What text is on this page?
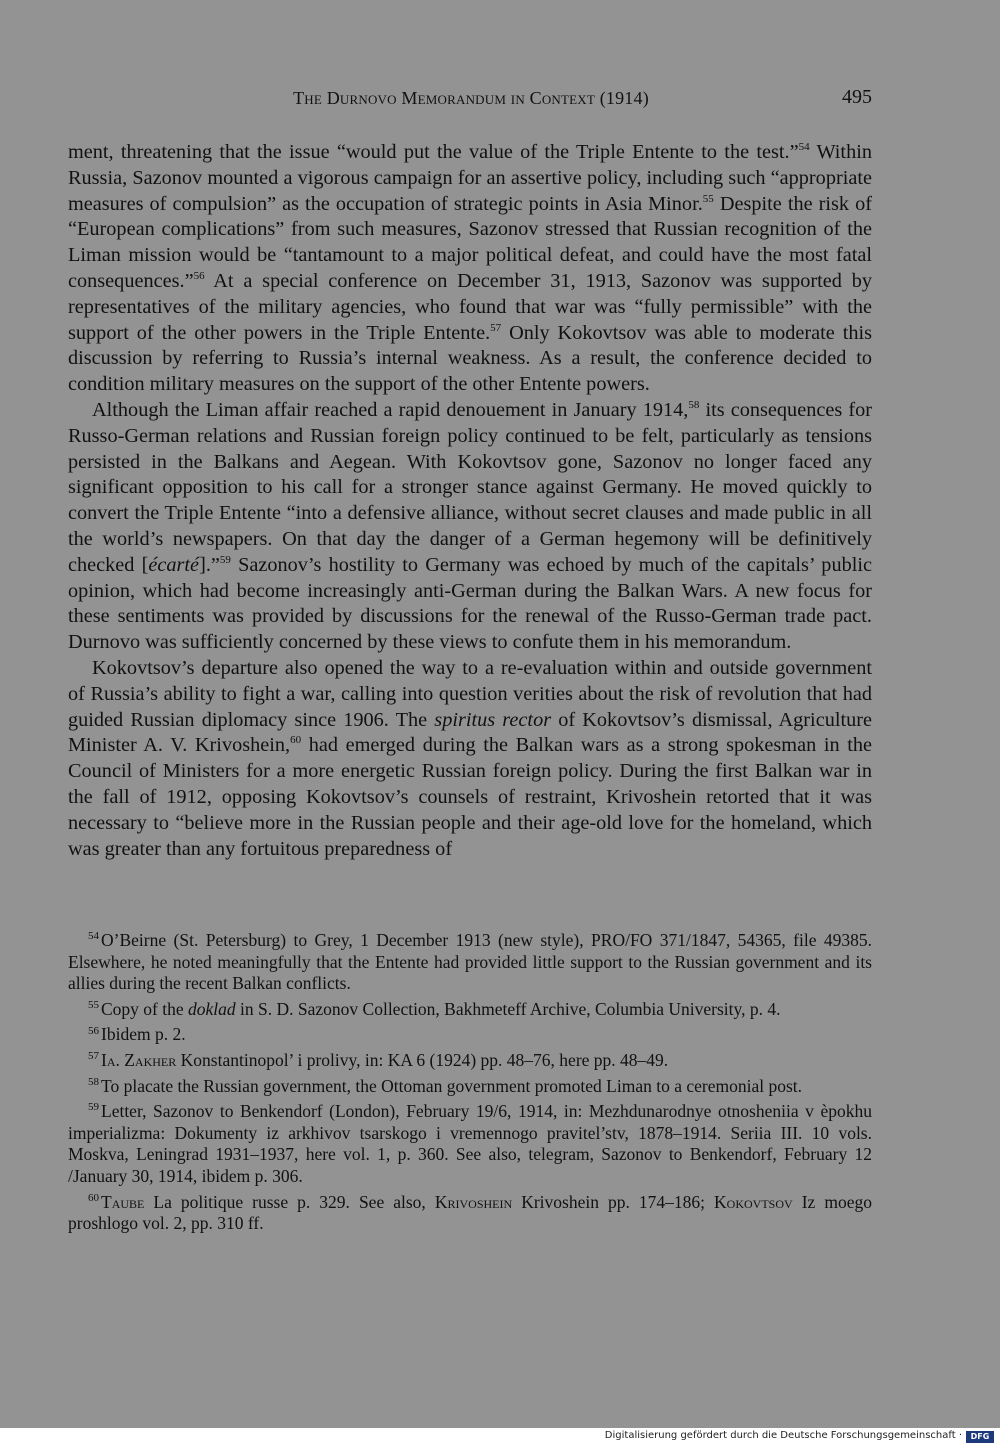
The Durnovo Memorandum in Context (1914)	495

ment, threatening that the issue “would put the value of the Triple Entente to the test.”$^{54}$ Within Russia, Sazonov mounted a vigorous campaign for an assertive policy, including such “appropriate measures of compulsion” as the occupation of strategic points in Asia Minor.$^{55}$ Despite the risk of “European complications” from such measures, Sazonov stressed that Russian recognition of the Liman mission would be “tantamount to a major political defeat, and could have the most fatal consequences.”$^{56}$ At a special conference on December 31, 1913, Sazonov was supported by representatives of the military agencies, who found that war was “fully permissible” with the support of the other powers in the Triple Entente.$^{57}$ Only Kokovtsov was able to moderate this discussion by referring to Russia’s internal weakness. As a result, the conference decided to condition military measures on the support of the other Entente powers.

Although the Liman affair reached a rapid denouement in January 1914,58 its consequences for Russo-German relations and Russian foreign policy continued to be felt, particularly as tensions persisted in the Balkans and Aegean. With Kokovtsov gone, Sazonov no longer faced any significant opposition to his call for a stronger stance against Germany. He moved quickly to convert the Triple Entente “into a defensive alliance, without secret clauses and made public in all the world’s newspapers. On that day the danger of a German hegemony will be definitively checked [écarté].”$^{59}$ Sazonov’s hostility to Germany was echoed by much of the capitals’ public opinion, which had become increasingly anti-German during the Balkan Wars. A new focus for these sentiments was provided by discussions for the renewal of the Russo-German trade pact. Durnovo was sufficiently concerned by these views to confute them in his memorandum.

Kokovtsov’s departure also opened the way to a re-evaluation within and outside government of Russia’s ability to fight a war, calling into question verities about the risk of revolution that had guided Russian diplomacy since 1906. The spiritus rector of Kokovtsov’s dismissal, Agriculture Minister A. V. Krivoshein,$^{60}$ had emerged during the Balkan wars as a strong spokesman in the Council of Ministers for a more energetic Russian foreign policy. During the first Balkan war in the fall of 1912, opposing Kokovtsov’s counsels of restraint, Krivoshein retorted that it was necessary to “believe more in the Russian people and their age-old love for the homeland, which was greater than any fortuitous preparedness of

$^{54}$ O’Beirne (St. Petersburg) to Grey, 1 December 1913 (new style), PRO/FO 371/1847, 54365, file 49385. Elsewhere, he noted meaningfully that the Entente had provided little support to the Russian government and its allies during the recent Balkan conflicts.

$^{55}$ Copy of the doklad in S. D. Sazonov Collection, Bakhmeteff Archive, Columbia University, p. 4.

$^{56}$ Ibidem p. 2.

$^{57}$ Ia. Zakher Konstantinopol’ i prolivy, in: KA 6 (1924) pp. 48–76, here pp. 48–49.

$^{58}$ To placate the Russian government, the Ottoman government promoted Liman to a ceremonial post.

$^{59}$ Letter, Sazonov to Benkendorf (London), February 19/6, 1914, in: Mezhdunarodnye otnosheniia v èpokhu imperializma: Dokumenty iz arkhivov tsarskogo i vremennogo pravitel’stv, 1878–1914. Seriia III. 10 vols. Moskva, Leningrad 1931–1937, here vol. 1, p. 360. See also, telegram, Sazonov to Benkendorf, February 12 /January 30, 1914, ibidem p. 306.

$^{60}$ Taube La politique russe p. 329. See also, Krivoshein Krivoshein pp. 174–186; Kokovtsov Iz moego proshlogo vol. 2, pp. 310 ff.

Digitalisierung gefördert durch die Deutsche Forschungsgemeinschaft ·	DFG
